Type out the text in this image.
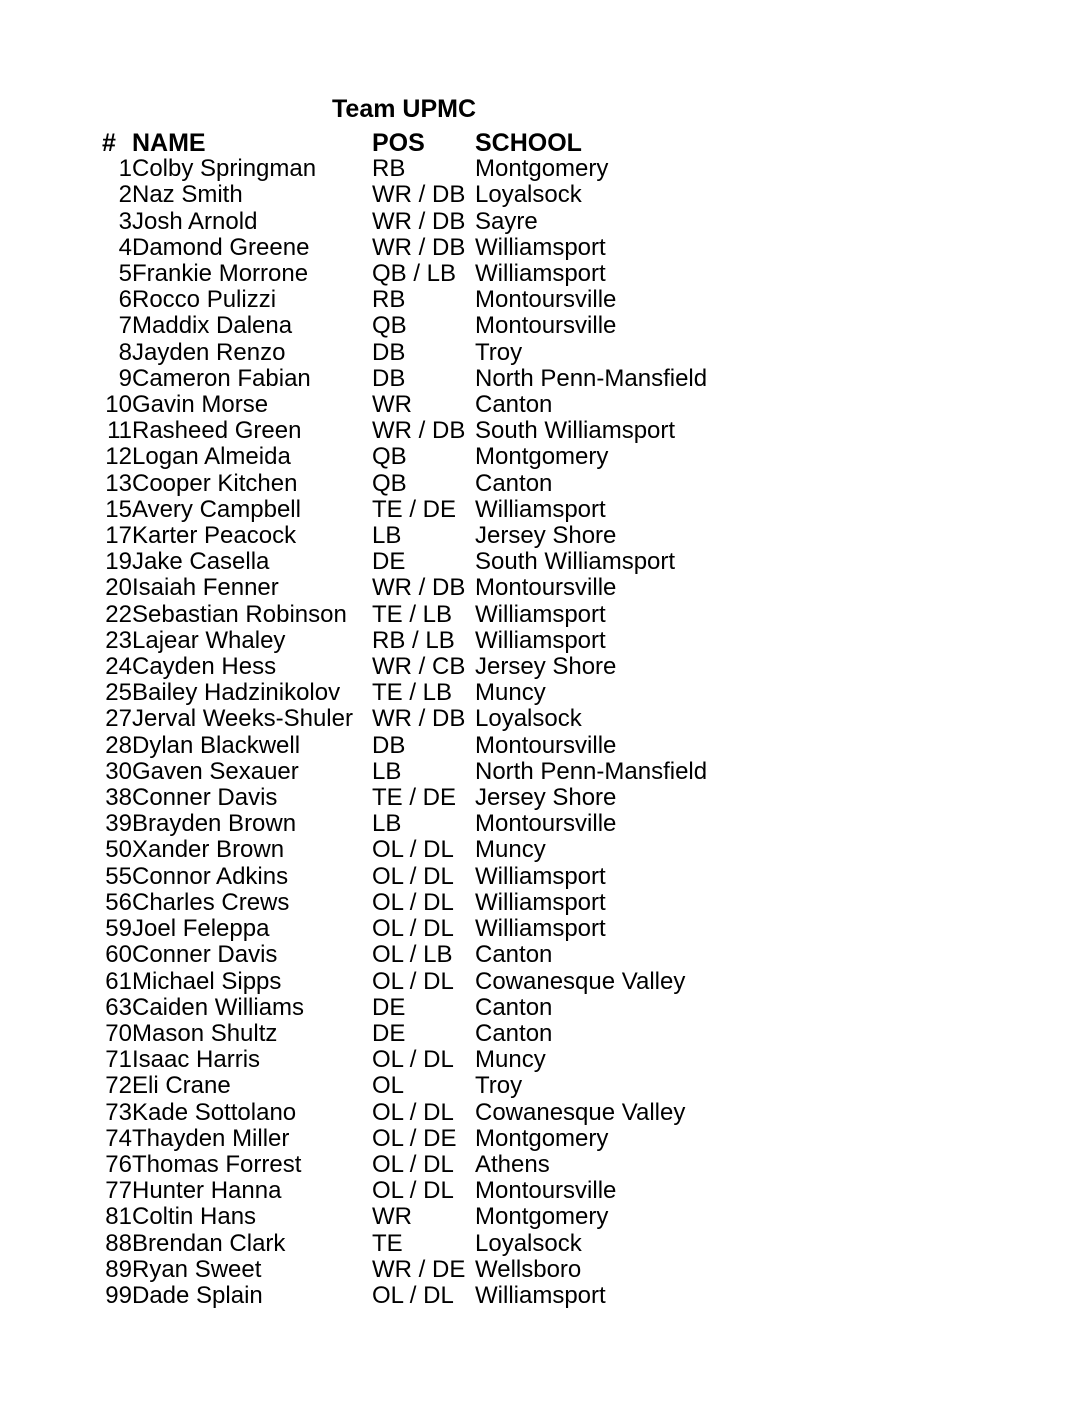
Team UPMC
#	NAME	POS	SCHOOL
1	Colby Springman	RB	Montgomery
2	Naz Smith	WR / DB	Loyalsock
3	Josh Arnold	WR / DB	Sayre
4	Damond Greene	WR / DB	Williamsport
5	Frankie Morrone	QB / LB	Williamsport
6	Rocco Pulizzi	RB	Montoursville
7	Maddix Dalena	QB	Montoursville
8	Jayden Renzo	DB	Troy
9	Cameron Fabian	DB	North Penn-Mansfield
10	Gavin Morse	WR	Canton
11	Rasheed Green	WR / DB	South Williamsport
12	Logan Almeida	QB	Montgomery
13	Cooper Kitchen	QB	Canton
15	Avery Campbell	TE / DE	Williamsport
17	Karter Peacock	LB	Jersey Shore
19	Jake Casella	DE	South Williamsport
20	Isaiah Fenner	WR / DB	Montoursville
22	Sebastian Robinson	TE / LB	Williamsport
23	Lajear Whaley	RB / LB	Williamsport
24	Cayden Hess	WR / CB	Jersey Shore
25	Bailey Hadzinikolov	TE / LB	Muncy
27	Jerval Weeks-Shuler	WR / DB	Loyalsock
28	Dylan Blackwell	DB	Montoursville
30	Gaven Sexauer	LB	North Penn-Mansfield
38	Conner Davis	TE / DE	Jersey Shore
39	Brayden Brown	LB	Montoursville
50	Xander Brown	OL / DL	Muncy
55	Connor Adkins	OL / DL	Williamsport
56	Charles Crews	OL / DL	Williamsport
59	Joel Feleppa	OL / DL	Williamsport
60	Conner Davis	OL / LB	Canton
61	Michael Sipps	OL / DL	Cowanesque Valley
63	Caiden Williams	DE	Canton
70	Mason Shultz	DE	Canton
71	Isaac Harris	OL / DL	Muncy
72	Eli Crane	OL	Troy
73	Kade Sottolano	OL / DL	Cowanesque Valley
74	Thayden Miller	OL / DE	Montgomery
76	Thomas Forrest	OL / DL	Athens
77	Hunter Hanna	OL / DL	Montoursville
81	Coltin Hans	WR	Montgomery
88	Brendan Clark	TE	Loyalsock
89	Ryan Sweet	WR / DE	Wellsboro
99	Dade Splain	OL / DL	Williamsport
